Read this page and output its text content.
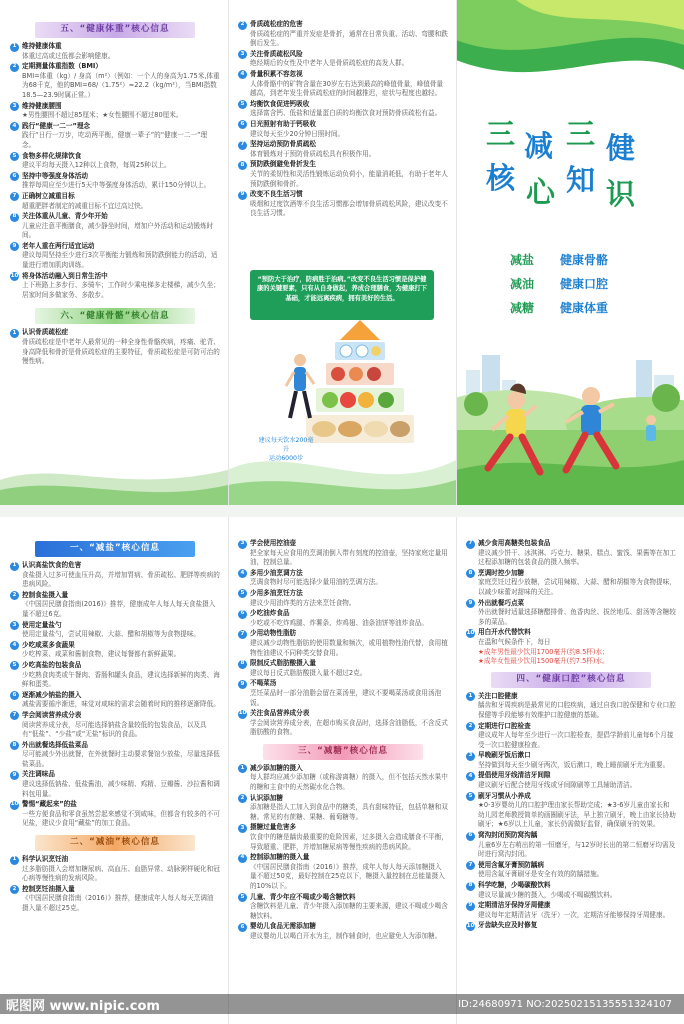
五、“健康体重”核心信息
1 维持健康体重
体重过高或过低都会影响健康。
2 定期测量体重指数（BMI）
BMI=体重（kg）/ 身高（m²）（例如：一个人的身高为1.75米,体重为68千克，他的BMI=68/（1.75²）≈22.2（kg/m²），当BMI指数18.5—23.9时属正常。）
3 维持健康腰围
★男性腰围不超过85厘米；★女性腰围不超过80厘米。
4 践行“健康一二一”理念
践行“日行一万步，吃动两平衡，健康一辈子”的“健康一二一”理念。
5 食物多样化规律饮食
建议平均每天摄入12种以上食物，每周25种以上。
6 坚持中等强度身体活动
推荐每周应至少进行5天中等强度身体活动，累计150分钟以上。
7 正确树立减重目标
超重肥胖者制定的减重目标不宜过高过快。
8 关注体重从儿童、青少年开始
儿童应注意平衡膳食，减少静坐时间，增加户外活动和运动锻炼时间。
9 老年人重在两行适宜运动
建议每周坚持至少进行3次平衡能力锻炼和预防跌倒能力的活动，适量进行增加肌肉训练。
10 将身体活动融入到日常生活中
上下班路上多步行、多骑车；工作时少乘电梯多走楼梯，减少久坐；居家时间多做家务、多散步。
六、“健康骨骼”核心信息
1 认识骨质疏松症
骨质疏松症是中老年人最常见的一种全身性骨骼疾病，疼痛、驼背、身高降低和骨折是骨质疏松症的主要特征，骨质疏松症是可防可治的慢性病。
2 骨质疏松症的危害
骨质疏松症的严重并发症是骨折，通常在日常负重、活动、弯腰和跌倒后发生。
3 关注骨质疏松风险
绝经期后的女性及中老年人是骨质疏松症的高发人群。
4 骨量积累不容忽视
人体骨骼中的矿物含量在30岁左右达到最高的峰值骨量，峰值骨量越高，到老年发生骨质疏松症的时间越推迟，症状与程度也越轻。
5 均衡饮食促进钙吸收
选择富含钙、低盐和适量蛋白质的均衡饮食对预防骨质疏松有益。
6 日光照射有助于钙吸收
建议每天至少20分钟日照时间。
7 坚持运动预防骨质疏松
体育锻炼对于预防骨质疏松具有积极作用。
8 预防跌倒避免骨折发生
关节的柔韧性和灵活性锻炼运动负荷小，能量消耗低，有助于老年人预防跌倒和骨折。
9 改变不良生活习惯
吸烟和过度饮酒等不良生活习惯都会增加骨质疏松风险，建议改变不良生活习惯。
“预防大于治疗，防病胜于治病。”改变不良生活习惯是保护健康的关键要素，只有从自身做起，养成合理膳食，为健康打下基础，才能远离疾病，拥有美好的生活。
建议每天饮水200毫升
运动6000步
三 减 三 健
核 心 知 识
减盐	健康骨骼
减油	健康口腔
减糖	健康体重
一、“减盐”核心信息
1 认识高盐饮食的危害
食盐摄入过多可使血压升高，并增加胃病、骨质疏松、肥胖等疾病的患病风险。
2 控制食盐摄入量
《中国居民膳食指南(2016)》推荐，健康成年人每人每天食盐摄入量不超过6克。
3 使用定量盐勺
使用定量盐勺，尝试用辣椒、大蒜、醋和胡椒等为食物提味。
4 少吃咸菜多食蔬果
少吃榨菜、咸菜和酱制食物，建议每餐都有新鲜蔬果。
5 少吃高盐的包装食品
少吃熟食肉类或午餐肉、香肠和罐头食品，建议选择新鲜的肉类、海鲜和蛋类。
6 逐渐减少钠盐的摄入
减盐需要循序渐进，味觉对咸味的需求会随着时间的推移逐渐降低。
7 学会阅读营养成分表
阅读营养成分表，尽可能选择钠盐含量较低的包装食品，以及具有“低盐”、“少盐”或“无盐”标识的食品。
8 外出就餐选择低盐菜品
尽可能减少外出就餐，在外就餐时主动要求餐馆少放盐，尽量选择低盐菜品。
9 关注调味品
建议选择低钠盐、低盐酱油，减少味精、鸡精、豆瓣酱、沙拉酱和调料包用量。
10 警惕“藏起来”的盐
一些方便食品和零食虽然尝起来感觉不到咸味，但都含有较多的不可见盐，建议少食用“藏盐”的加工食品。
二、“减油”核心信息
1 科学认识烹饪油
过多脂肪摄入会增加糖尿病、高血压、血脂异常、动脉粥样硬化和冠心病等慢性病的发病风险。
2 控制烹饪油摄入量
《中国居民膳食指南（2016）》推荐，健康成年人每人每天烹调油摄入量不超过25克。
3 学会使用控油壶
把全家每天应食用的烹调油倒入带有刻度的控油壶，坚持家庭定量用油，控制总量。
4 多用少油烹调方法
烹调食物时尽可能选择少量用油的烹调方法。
5 少用多油烹饪方法
建议少用油炸类的方法来烹饪食物。
6 少吃油炸食品
少吃或不吃炸鸡腿、炸薯条、炸鸡翅、油条油饼等油炸食品。
7 少用动物性脂肪
建议减少动物性脂肪的使用数量和频次，或用植物性油代替，食用植物性油建议不同种类交替食用。
8 限制反式脂肪酸摄入量
建议每日反式脂肪酸摄入量不超过2克。
9 不喝菜汤
烹饪菜品时一部分油脂会留在菜汤里，建议不要喝菜汤或食用汤泡饭。
10 关注食品营养成分表
学会阅读营养成分表，在超市购买食品时，选择含油脂低，不含反式脂肪酸的食物。
三、“减糖”核心信息
1 减少添加糖的摄入
每人群均应减少添加糖（或称游离糖）的摄入，但不包括天然水果中的糖和主食中的天然碳水化合物。
2 认识添加糖
添加糖是指人工加入到食品中的糖类，具有甜味特征，包括单糖和双糖。常见的有蔗糖、果糖、葡萄糖等。
3 摄糖过量危害多
饮食中的糖是龋齿最重要的危险因素，过多摄入会造成膳食不平衡，导致超重、肥胖，并增加糖尿病等慢性疾病的患病风险。
4 控制添加糖的摄入量
《中国居民膳食指南（2016）》推荐，成年人每人每天添加糖摄入量不超过50克，最好控制在25克以下，糖摄入量控制在总能量摄入的10%以下。
5 儿童、青少年应不喝或少喝含糖饮料
含糖饮料是儿童、青少年摄入添加糖的主要来源，建议不喝或少喝含糖饮料。
6 婴幼儿食品无需添加糖
建议婴幼儿以喝白开水为主，制作辅食时，也应避免人为添加糖。
7 减少食用高糖类包装食品
建议减少饼干、冰淇淋、巧克力、糖果、糕点、蜜饯、果酱等在加工过程添加糖的包装食品的摄入频率。
8 烹调时控少加糖
家庭烹饪过程少放糖，尝试用辣椒、大蒜、醋和胡椒等为食物提味，以减少味蕾对甜味的关注。
9 外出就餐巧点菜
外出就餐时适量选择糖醋排骨、鱼香肉丝、拔丝地瓜、甜汤等含糖较多的菜品。
10 用白开水代替饮料
在温和气候条件下，每日
★成年男性最少饮用1700毫升(约8.5杯)水；
★成年女性最少饮用1500毫升(约7.5杯)水。
四、“健康口腔”核心信息
1 关注口腔健康
龋齿和牙周疾病是最常见的口腔疾病，通过自我口腔保健和专业口腔保健等手段能够有效维护口腔健康的基础。
2 定期进行口腔检查
建议成年人每年至少进行一次口腔检查，提倡学龄前儿童每6个月接受一次口腔健康检查。
3 早晚刷牙饭后漱口
坚持做到每天至少刷牙两次，饭后漱口，晚上睡前刷牙尤为重要。
4 提倡使用牙线清洁牙间隙
建议刷牙后配合使用牙线或牙间隙刷等工具辅助清洁。
5 刷牙习惯从小养成
★0-3岁婴幼儿的口腔护理由家长帮助完成；★3-6岁儿童由家长和幼儿园老师教授简单的画圈刷牙法，早上独立刷牙，晚上由家长协助刷牙；★6岁以上儿童，家长仍需做好监督，确保刷牙的效果。
6 窝沟封闭预防窝沟龋
儿童6岁左右萌出的第一恒磨牙，与12岁时长出的第二恒磨牙均需及时进行窝沟封闭。
7 使用含氟牙膏预防龋病
使用含氟牙膏刷牙是安全有效的防龋措施。
8 科学吃糖，少喝碳酸饮料
建议尽量减少糖的摄入，少喝或不喝碳酸饮料。
9 定期清洁牙保持牙周健康
建议每年定期清洁牙（洗牙）一次，定期洁牙能够保持牙周健康。
10 牙齿缺失应及时修复
昵图网 www.nipic.com	ID:24680971 NO:20250215135551324107
